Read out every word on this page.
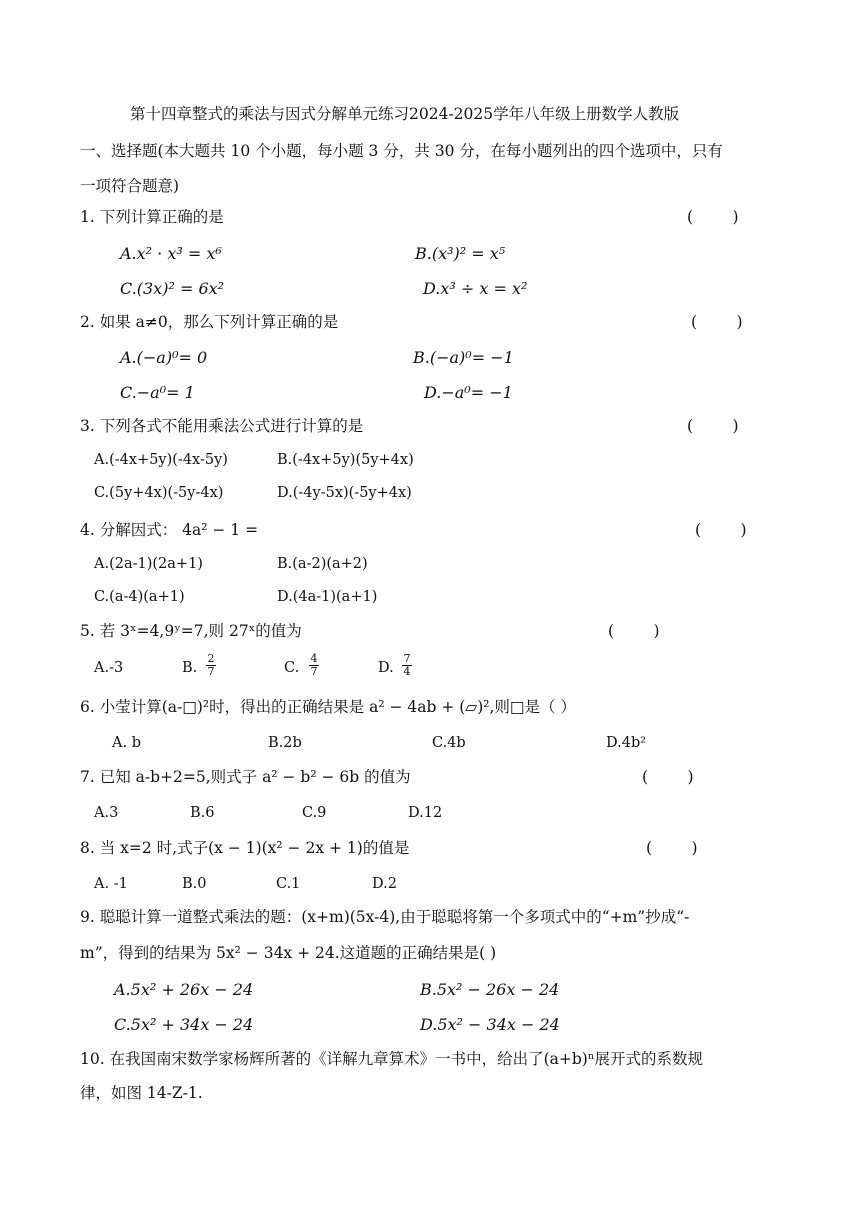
第十四章整式的乘法与因式分解单元练习2024-2025学年八年级上册数学人教版
一、选择题(本大题共 10 个小题，每小题 3 分，共 30 分，在每小题列出的四个选项中，只有
一项符合题意)
1. 下列计算正确的是	(        )
A.x² · x³ = x⁶	B.(x³)² = x⁵
C.(3x)² = 6x²	D.x³ ÷ x = x²
2. 如果 a≠0，那么下列计算正确的是	(        )
A.(−a)⁰= 0	B.(−a)⁰= −1
C.−a⁰= 1	D.−a⁰= −1
3. 下列各式不能用乘法公式进行计算的是	(        )
A.(-4x+5y)(-4x-5y)	B.(-4x+5y)(5y+4x)
C.(5y+4x)(-5y-4x)	D.(-4y-5x)(-5y+4x)
4. 分解因式： 4a² − 1 =	(        )
A.(2a-1)(2a+1)	B.(a-2)(a+2)
C.(a-4)(a+1)	D.(4a-1)(a+1)
5. 若 3ˣ=4,9ʸ=7,则 27ˣ的值为	(        )
A.-3	B. $\frac{2}{7}$	C. $\frac{4}{7}$	D. $\frac{7}{4}$
6. 小莹计算(a-□)²时，得出的正确结果是 a² − 4ab + (▱)²,则□是（ ）
A. b	B.2b	C.4b	D.4b²
7. 已知 a-b+2=5,则式子 a² − b² − 6b 的值为	(        )
A.3	B.6	C.9	D.12
8. 当 x=2 时,式子(x − 1)(x² − 2x + 1)的值是	(        )
A. -1	B.0	C.1	D.2
9. 聪聪计算一道整式乘法的题：(x+m)(5x-4),由于聪聪将第一个多项式中的“+m”抄成“-
m”，得到的结果为 5x² − 34x + 24.这道题的正确结果是( )
A.5x² + 26x − 24	B.5x² − 26x − 24
C.5x² + 34x − 24	D.5x² − 34x − 24
10. 在我国南宋数学家杨辉所著的《详解九章算术》一书中，给出了(a+b)ⁿ展开式的系数规
律，如图 14-Z-1.
